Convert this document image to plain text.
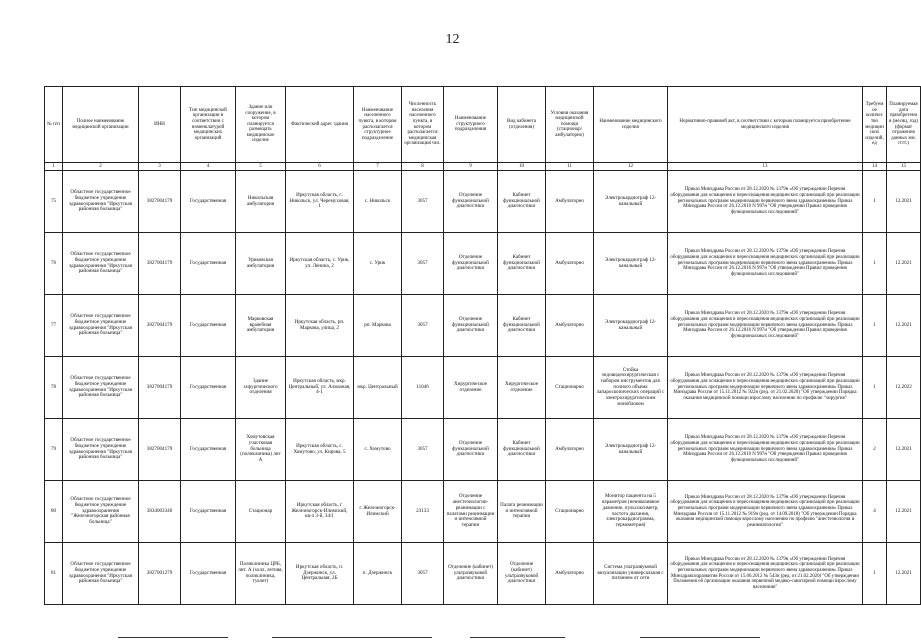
12
№ п/п	Полное наименование медицинской организации	ИНН	Тип медицинской организации в соответствии с номенклатурой медицинских организаций	Здание или сооружение, в котором планируется размещать медицинское изделие	Фактический адрес здания	Наименование населенного пункта, в котором располагается структурное подразделение	Численность населения населенного пункта, в котором располагается медицинская организация чел.	Наименование структурного подразделения	Вид кабинета (отделения)	Условия оказания медицинской помощи (стационар/амбулаторно)	Наименование медицинского изделия	Нормативно-правовой акт, в соответствии с которым планируется приобретение медицинского изделия	Требуемое количество медицинских изделий, ед	Планируемая дата приобретения (месяц, год) (формат отражения данных мм. гггг.)
1	2	3	4	5	6	7	8	9	10	11	12	13	14	15
75	Областное государственное бюджетное учреждение здравоохранения "Иркутская районная больница"	3827004179	Государственная	Никольская амбулатория	Иркутская область, с. Никольск, ул. Черемуховая, 1	с. Никольск	3057	Отделение функциональной диагностики	Кабинет функциональной диагностики	Амбулаторно	Электрокардиограф 12-канальный	Приказ Минздрава России от 28.12.2020 № 1379н «Об утверждении Перечня оборудования для оснащения и переоснащения медицинских организаций при реализации региональных программ модернизации первичного звена здравоохранения» Приказ Минздрава России от 26.12.2016 N 997н "Об утверждении Правил проведения функциональных исследований"	1	12.2021
76	Областное государственное бюджетное учреждение здравоохранения "Иркутская районная больница"	3827004179	Государственная	Уриковская амбулатория	Иркутская область, с. Урик, ул. Ленина, 2	с. Урик	3057	Отделение функциональной диагностики	Кабинет функциональной диагностики	Амбулаторно	Электрокардиограф 12-канальный	Приказ Минздрава России от 28.12.2020 № 1379н «Об утверждении Перечня оборудования для оснащения и переоснащения медицинских организаций при реализации региональных программ модернизации первичного звена здравоохранения» Приказ Минздрава России от 26.12.2016 N 997н "Об утверждении Правил проведения функциональных исследований"	1	12.2021
77	Областное государственное бюджетное учреждение здравоохранения "Иркутская районная больница"	3827004179	Государственная	Марковская врачебная амбулатория	Иркутская область, рп. Маркова, улица, 2	рп. Маркова	3057	Отделение функциональной диагностики	Кабинет функциональной диагностики	Амбулаторно	Электрокардиограф 12-канальный	Приказ Минздрава России от 28.12.2020 № 1379н «Об утверждении Перечня оборудования для оснащения и переоснащения медицинских организаций при реализации региональных программ модернизации первичного звена здравоохранения» Приказ Минздрава России от 26.12.2016 N 997н "Об утверждении Правил проведения функциональных исследований"	1	12.2021
78	Областное государственное бюджетное учреждение здравоохранения "Иркутская районная больница"	3827004179	Государственная	Здание хирургического отделения	Иркутская область, мкр. Центральный, ул. Алмазная, 4-1	мкр. Центральный	11046	Хирургическое отделение	Хирургическое отделение	Стационарно	Стойка эндовидеохирургическая с набором инструментов для полного объема лапароскопических операций с электрохирургическим моноблоком	Приказ Минздрава России от 28.12.2020 № 1379н «Об утверждении Перечня оборудования для оснащения и переоснащения медицинских организаций при реализации региональных программ модернизации первичного звена здравоохранения» Приказ Минздрава России от 15.11.2012 № 922н (ред. от 21.02.2020) "Об утверждении Порядка оказания медицинской помощи взрослому населению по профилю "хирургия"	1	12.2022
79	Областное государственное бюджетное учреждение здравоохранения "Иркутская районная больница"	3827004179	Государственная	Хомутовская участковая больница (поликлиника) лит А	Иркутская область, с. Хомутово, ул. Кирова, 5	с. Хомутово	3057	Отделение функциональной диагностики	Кабинет функциональной диагностики	Амбулаторно	Электрокардиограф 12-канальный	Приказ Минздрава России от 28.12.2020 № 1379н «Об утверждении Перечня оборудования для оснащения и переоснащения медицинских организаций при реализации региональных программ модернизации первичного звена здравоохранения» Приказ Минздрава России от 26.12.2016 N 997н "Об утверждении Правил проведения функциональных исследований"	2	12.2021
80	Областное государственное бюджетное учреждение здравоохранения "Железногорская районная больница"	3834003340	Государственная	Стационар	Иркутская область, г Железногорск-Илимский, кв-л 3-й, 34/1	г. Железногорск-Илимский	23133	Отделение анестезиологии-реанимации с палатами реанимации и интенсивной терапии	Палата реанимации и интенсивной терапии	Стационарно	Монитор пациента на 5 параметров (неинвазивное давление, пульсоксиметр, частота дыхания, электрокардиограмма, термометрия)	Приказ Минздрава России от 28.12.2020 № 1379н «Об утверждении Перечня оборудования для оснащения и переоснащения медицинских организаций при реализации региональных программ модернизации первичного звена здравоохранения» Приказ Минздрава России от 15.11.2012 № 919н (ред. от 14.09.2018) "Об утверждении Порядка оказания медицинской помощи взрослому населению по профилю "анестезиология и реаниматология"	4	12.2021
81	Областное государственное бюджетное учреждение здравоохранения "Иркутская районная больница"	3827001279	Государственная	Поликлиника ЦРБ, лит. А (холл, летняя, поликлиника, туалет)	Иркутская область, п. Дзержинск, ул. Центральная, 2Б	п. Дзержинск	3057	Отделение (кабинет) ультразвуковой диагностики	Отделение (кабинет) ультразвуковой диагностики	Амбулаторно	Система ультразвуковой визуализации универсальная с питанием от сети	Приказ Минздрава России от 28.12.2020 № 1379н «Об утверждении Перечня оборудования для оснащения и переоснащения медицинских организаций при реализации региональных программ модернизации первичного звена здравоохранения» Приказ Минздравсоцразвития России от 15.06.2012 № 543н (ред. от 21.02.2020) "Об утверждении Положения об организации оказания первичной медико-санитарной помощи взрослому населению"	1	12.2021
